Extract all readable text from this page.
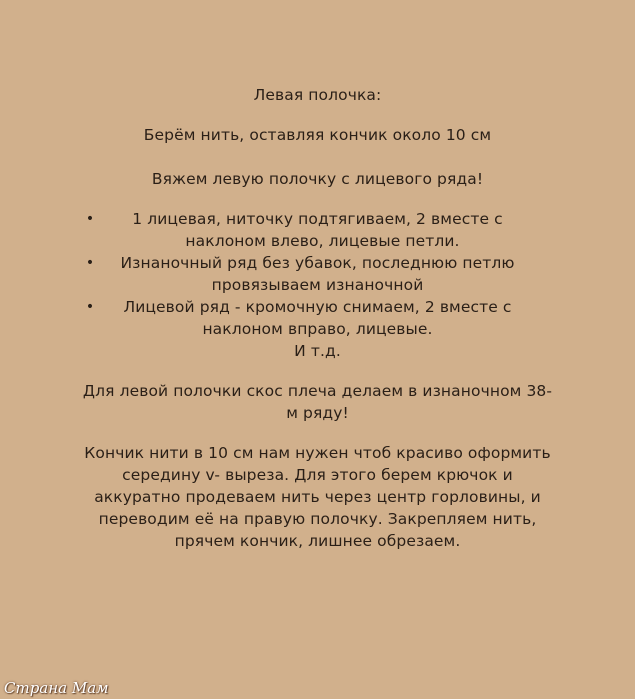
Левая полочка:
Берём нить, оставляя кончик около 10 см
Вяжем левую полочку с лицевого ряда!
•	1 лицевая, ниточку подтягиваем, 2 вместе с
наклоном влево, лицевые петли.
•	Изнаночный ряд без убавок, последнюю петлю
провязываем изнаночной
•	Лицевой ряд - кромочную снимаем, 2 вместе с
наклоном вправо, лицевые.
И т.д.
Для левой полочки скос плеча делаем в изнаночном 38-
м ряду!
Кончик нити в 10 см нам нужен чтоб красиво оформить
середину v- выреза. Для этого берем крючок и
аккуратно продеваем нить через центр горловины, и
переводим её на правую полочку. Закрепляем нить,
прячем кончик, лишнее обрезаем.
Страна Мам
